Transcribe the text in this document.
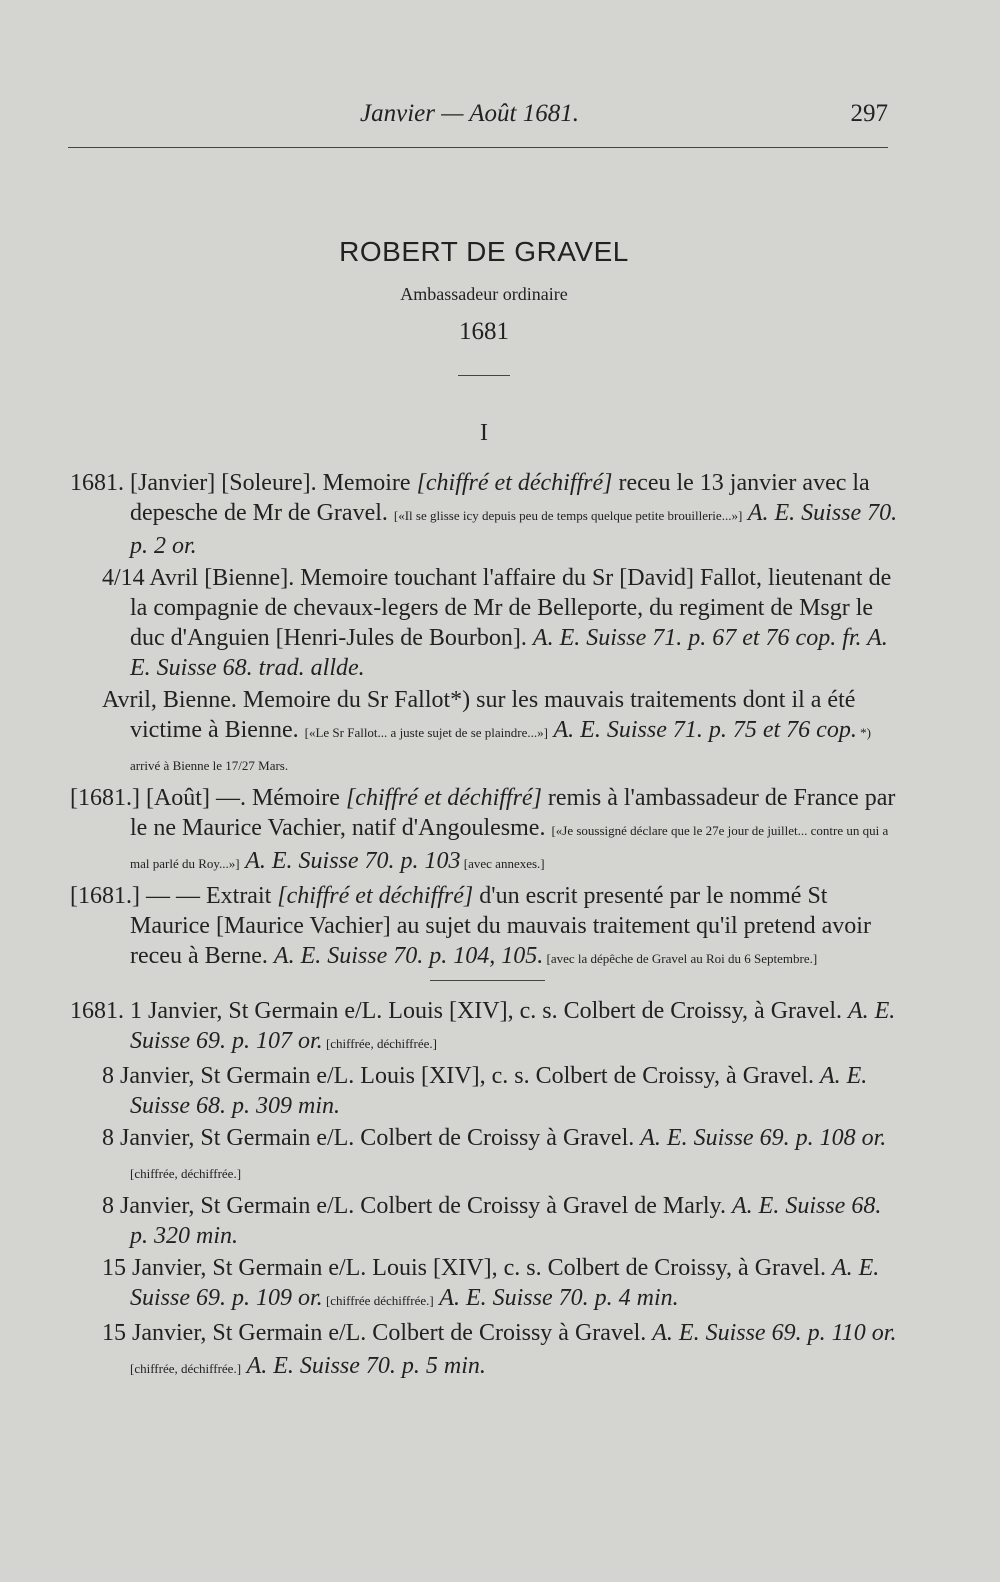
Janvier — Août 1681.	297
ROBERT DE GRAVEL
Ambassadeur ordinaire
1681
I

1681. [Janvier] [Soleure]. Memoire [chiffré et déchiffré] receu le 13 janvier avec la depesche de Mr de Gravel. [«Il se glisse icy depuis peu de temps quelque petite brouillerie...»] A. E. Suisse 70. p. 2 or.

4/14 Avril [Bienne]. Memoire touchant l'affaire du Sr [David] Fallot, lieutenant de la compagnie de chevaux-legers de Mr de Belleporte, du regiment de Msgr le duc d'Anguien [Henri-Jules de Bourbon]. A. E. Suisse 71. p. 67 et 76 cop. fr. A. E. Suisse 68. trad. allde.

Avril, Bienne. Memoire du Sr Fallot*) sur les mauvais traitements dont il a été victime à Bienne. [«Le Sr Fallot... a juste sujet de se plaindre...»] A. E. Suisse 71. p. 75 et 76 cop. *) arrivé à Bienne le 17/27 Mars.

[1681.] [Août] —. Mémoire [chiffré et déchiffré] remis à l'ambassadeur de France par le ne Maurice Vachier, natif d'Angoulesme. [«Je soussigné déclare que le 27e jour de juillet... contre un qui a mal parlé du Roy...»] A. E. Suisse 70. p. 103 [avec annexes.]

[1681.] — — Extrait [chiffré et déchiffré] d'un escrit presenté par le nommé St Maurice [Maurice Vachier] au sujet du mauvais traitement qu'il pretend avoir receu à Berne. A. E. Suisse 70. p. 104, 105. [avec la dépêche de Gravel au Roi du 6 Septembre.]

1681. 1 Janvier, St Germain e/L. Louis [XIV], c. s. Colbert de Croissy, à Gravel. A. E. Suisse 69. p. 107 or. [chiffrée, déchiffrée.]

8 Janvier, St Germain e/L. Louis [XIV], c. s. Colbert de Croissy, à Gravel. A. E. Suisse 68. p. 309 min.

8 Janvier, St Germain e/L. Colbert de Croissy à Gravel. A. E. Suisse 69. p. 108 or. [chiffrée, déchiffrée.]

8 Janvier, St Germain e/L. Colbert de Croissy à Gravel de Marly. A. E. Suisse 68. p. 320 min.

15 Janvier, St Germain e/L. Louis [XIV], c. s. Colbert de Croissy, à Gravel. A. E. Suisse 69. p. 109 or. [chiffrée déchiffrée.] A. E. Suisse 70. p. 4 min.

15 Janvier, St Germain e/L. Colbert de Croissy à Gravel. A. E. Suisse 69. p. 110 or. [chiffrée, déchiffrée.] A. E. Suisse 70. p. 5 min.
